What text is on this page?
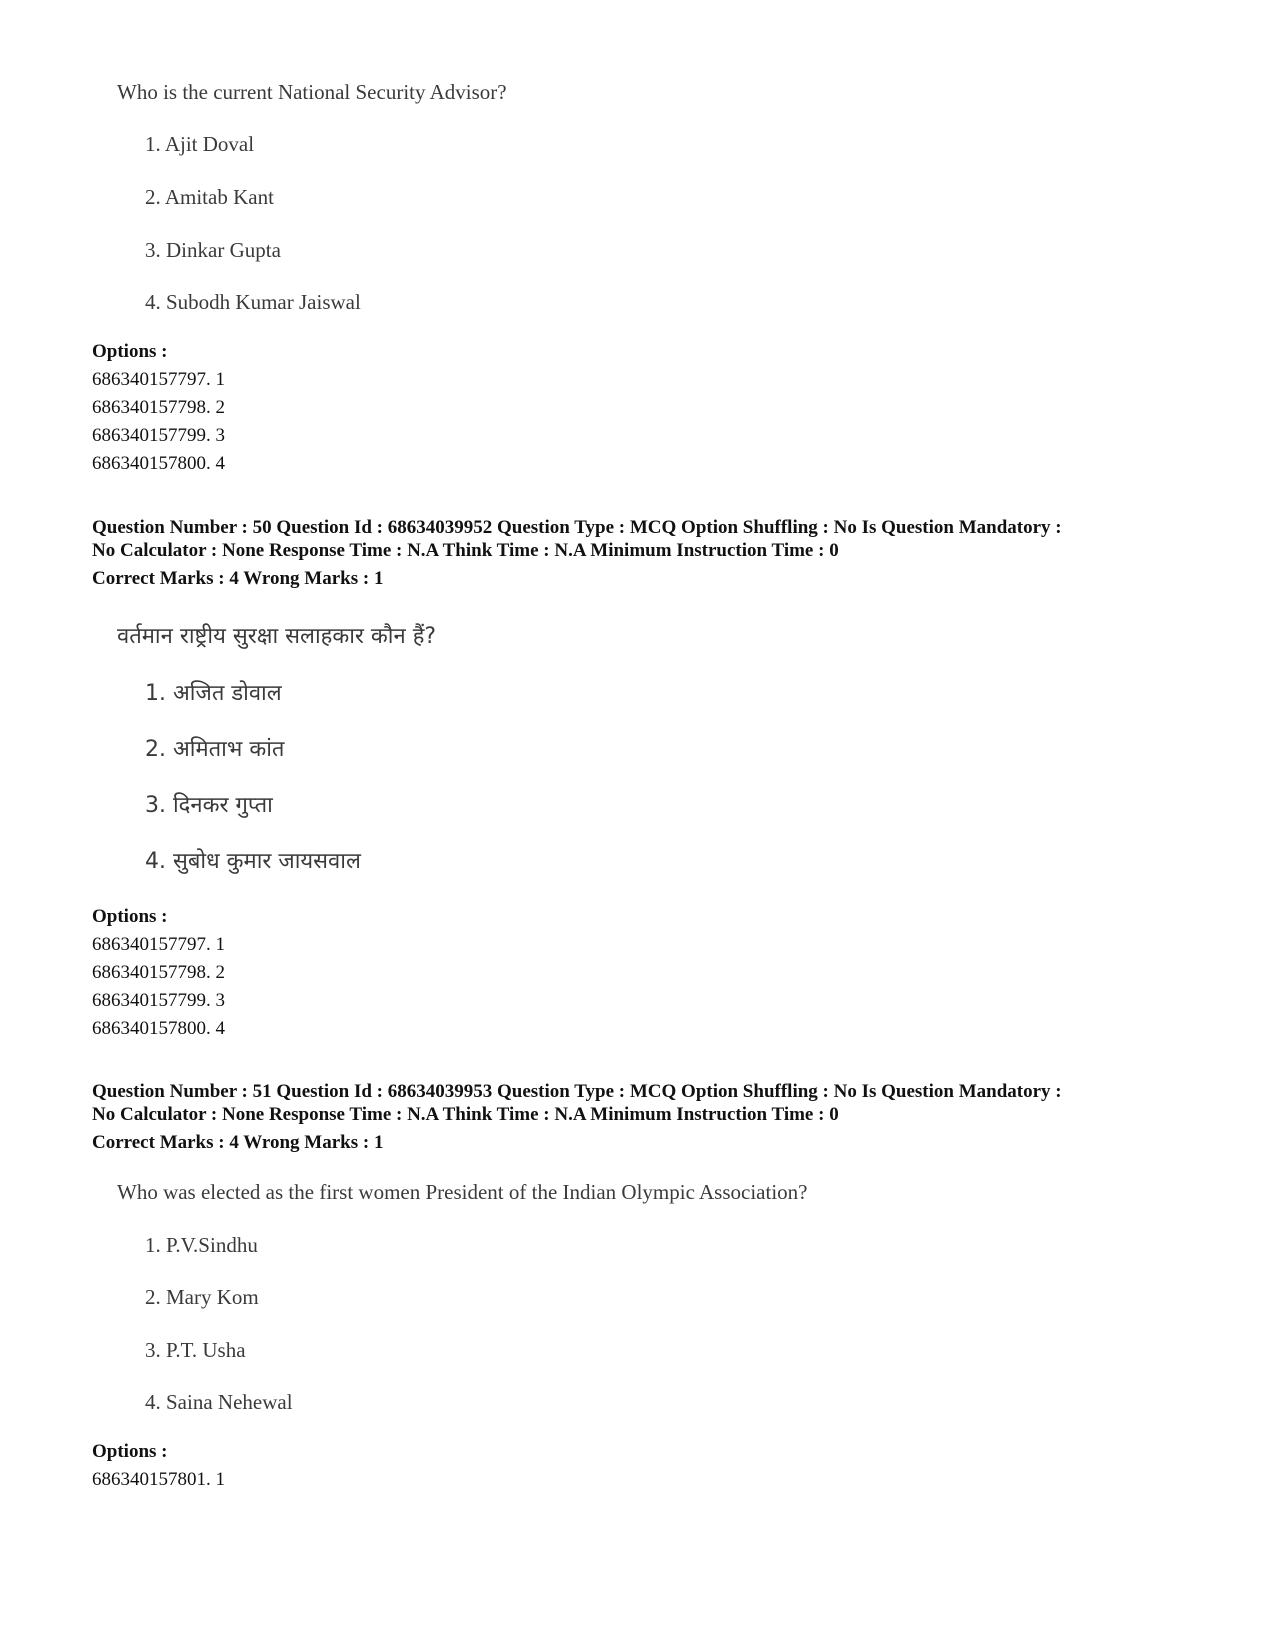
Who is the current National Security Advisor?
1. Ajit Doval
2. Amitab Kant
3. Dinkar Gupta
4. Subodh Kumar Jaiswal
Options :
686340157797. 1
686340157798. 2
686340157799. 3
686340157800. 4
Question Number : 50 Question Id : 68634039952 Question Type : MCQ Option Shuffling : No Is Question Mandatory :
No Calculator : None Response Time : N.A Think Time : N.A Minimum Instruction Time : 0
Correct Marks : 4 Wrong Marks : 1
वर्तमान राष्ट्रीय सुरक्षा सलाहकार कौन हैं?
1. अजित डोवाल
2. अमिताभ कांत
3. दिनकर गुप्ता
4. सुबोध कुमार जायसवाल
Options :
686340157797. 1
686340157798. 2
686340157799. 3
686340157800. 4
Question Number : 51 Question Id : 68634039953 Question Type : MCQ Option Shuffling : No Is Question Mandatory :
No Calculator : None Response Time : N.A Think Time : N.A Minimum Instruction Time : 0
Correct Marks : 4 Wrong Marks : 1
Who was elected as the first women President of the Indian Olympic Association?
1. P.V.Sindhu
2. Mary Kom
3. P.T. Usha
4. Saina Nehewal
Options :
686340157801. 1
